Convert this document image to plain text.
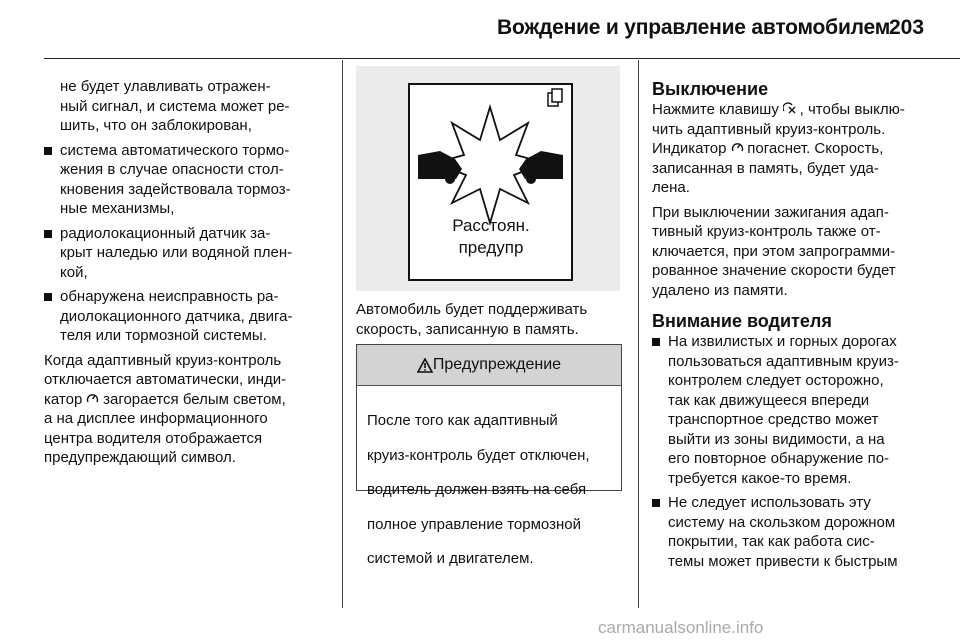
Вождение и управление автомобилем
203

не будет улавливать отражен-

ный сигнал, и система может ре-

шить, что он заблокирован,

система автоматического тормо-

жения в случае опасности стол-

кновения задействовала тормоз-

ные механизмы,

радиолокационный датчик за-

крыт наледью или водяной плен-

кой,

обнаружена неисправность ра-

диолокационного датчика, двига-

теля или тормозной системы.

Когда адаптивный круиз-контроль

отключается автоматически, инди-

катор загорается белым светом,

а на дисплее информационного

центра водителя отображается

предупреждающий символ.

Расстоян.
предупр

Автомобиль будет поддерживать

скорость, записанную в память.

Предупреждение

После того как адаптивный

круиз-контроль будет отключен,

водитель должен взять на себя

полное управление тормозной

системой и двигателем.

Выключение

Нажмите клавишу , чтобы выклю-

чить адаптивный круиз-контроль.

Индикатор погаснет. Скорость,

записанная в память, будет уда-

лена.

При выключении зажигания адап-

тивный круиз-контроль также от-

ключается, при этом запрограмми-

рованное значение скорости будет

удалено из памяти.

Внимание водителя

На извилистых и горных дорогах

пользоваться адаптивным круиз-

контролем следует осторожно,

так как движущееся впереди

транспортное средство может

выйти из зоны видимости, а на

его повторное обнаружение по-

требуется какое-то время.

Не следует использовать эту

систему на скользком дорожном

покрытии, так как работа сис-

темы может привести к быстрым

carmanualsonline.info
